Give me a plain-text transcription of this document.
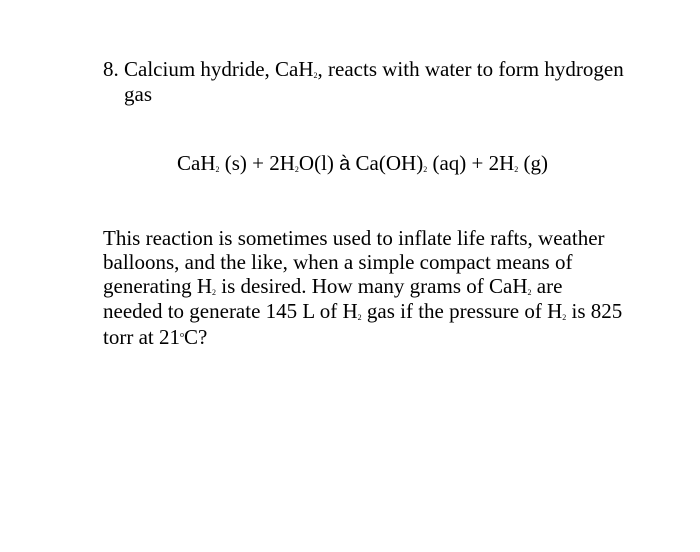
8. Calcium hydride, CaH$_2$, reacts with water to form hydrogen
gas
CaH$_2$ $(s) + 2H_2O(l)$ à $Ca(OH)_2$ $(aq) + 2H_2$ (g)
This reaction is sometimes used to inflate life rafts, weather
balloons, and the like, when a simple compact means of
generating $H_2$ is desired. How many grams of CaH$_2$ are
needed to generate 145 L of $H_2$ gas if the pressure of $H_2$ is 825
torr at 21$^o$C?
